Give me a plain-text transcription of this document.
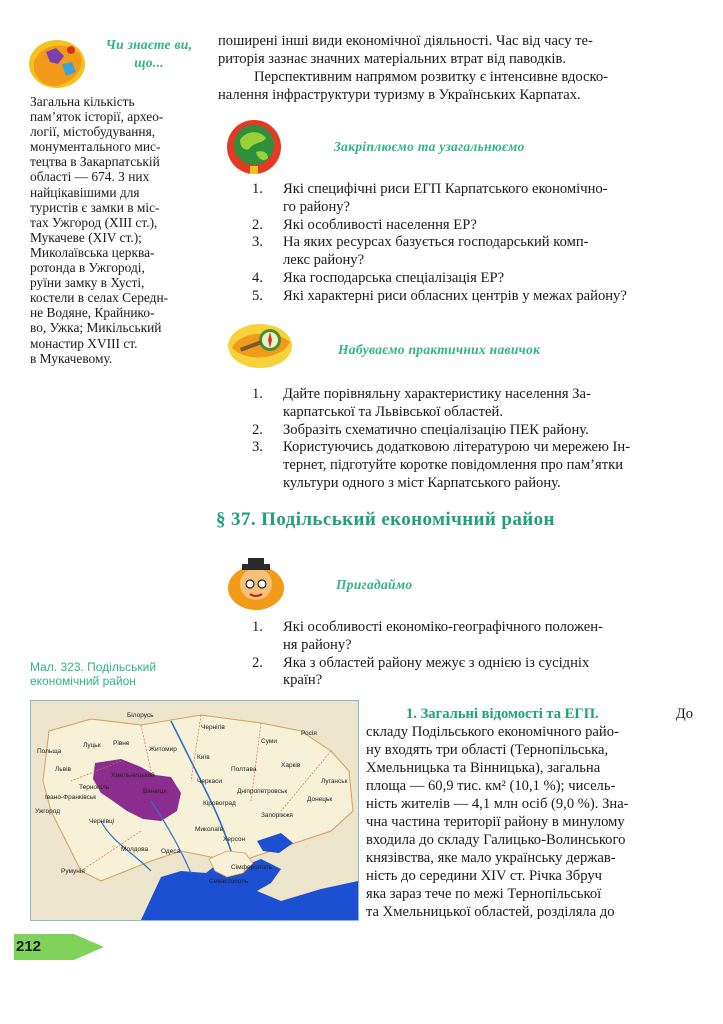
Чи знаєте ви, що...
Загальна кількість
пам’яток історії, архео-
логії, містобудування,
монументального мис-
тецтва в Закарпатській
області — 674. З них
найцікавішими для
туристів є замки в міс-
тах Ужгород (XIII ст.),
Мукачеве (XIV ст.);
Миколаївська церква-
ротонда в Ужгороді,
руїни замку в Хусті,
костели в селах Середн-
не Водяне, Крайнико-
во, Ужка; Микільський
монастир XVIII ст.
в Мукачевому.
поширені інші види економічної діяльності. Час від часу те-
риторія зазнає значних матеріальних втрат від паводків.
Перспективним напрямом розвитку є інтенсивне вдоско-
налення інфраструктури туризму в Українських Карпатах.
Закріплюємо та узагальнюємо
1. Які специфічні риси ЕГП Карпатського економічно-
го району?
2. Які особливості населення ЕР?
3. На яких ресурсах базується господарський комп-
лекс району?
4. Яка господарська спеціалізація ЕР?
5. Які характерні риси обласних центрів у межах району?
Набуваємо практичних навичок
1. Дайте порівняльну характеристику населення За-
карпатської та Львівської областей.
2. Зобразіть схематично спеціалізацію ПЕК району.
3. Користуючись додатковою літературою чи мережею Ін-
тернет, підготуйте коротке повідомлення про пам’ятки
культури одного з міст Карпатського району.
§ 37. Подільський економічний район
Пригадаймо
1. Які особливості економіко-географічного положен-
ня району?
2. Яка з областей району межує з однією із сусідніх
країн?
Мал. 323. Подільський
економічний район
Білорусь
Росія
Польща
Молдова
Румунія
Луцьк Рівне
Житомир
Київ
Чернігів
Суми
Полтава
Харків
Львів
Тернопіль
Хмельницький
Вінниця
Черкаси
Кіровоград
Дніпропетровськ
Запоріжжя
Донецьк
Луганськ
Одеса
Миколаїв
Херсон
Ужгород
Чернівці
Івано-Франківськ
Сімферополь
Севастополь
1. Загальні відомості та ЕГП.	До
складу Подільського економічного райо-
ну входять три області (Тернопільська,
Хмельницька та Вінницька), загальна
площа — 60,9 тис. км² (10,1 %); чисель-
ність жителів — 4,1 млн осіб (9,0 %). Зна-
чна частина території району в минулому
входила до складу Галицько-Волинського
князівства, яке мало українську держав-
ність до середини XIV ст. Річка Збруч
яка зараз тече по межі Тернопільської
та Хмельницької областей, розділяла до
212
